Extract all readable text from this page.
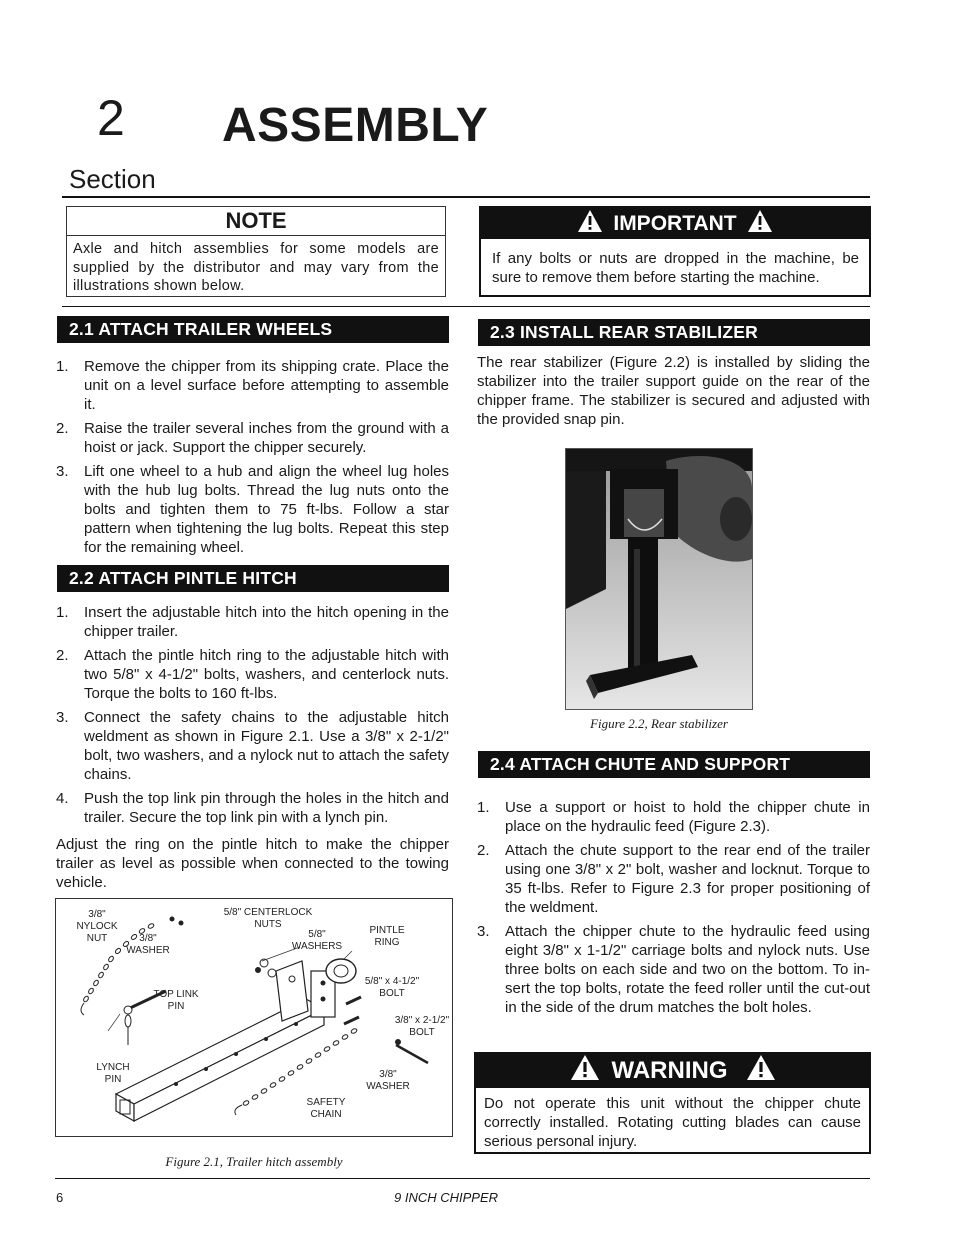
2 ASSEMBLY
Section
NOTE
Axle and hitch assemblies for some models are supplied by the distributor and may vary from the illustrations shown below.
IMPORTANT
If any bolts or nuts are dropped in the machine, be sure to remove them before starting the machine.
2.1 ATTACH TRAILER WHEELS
1. Remove the chipper from its shipping crate. Place the unit on a level surface before attempting to assemble it.
2. Raise the trailer several inches from the ground with a hoist or jack. Support the chipper securely.
3. Lift one wheel to a hub and align the wheel lug holes with the hub lug bolts. Thread the lug nuts onto the bolts and tighten them to 75 ft-lbs. Follow a star pattern when tightening the lug bolts. Repeat this step for the remaining wheel.
2.2 ATTACH PINTLE HITCH
1. Insert the adjustable hitch into the hitch opening in the chipper trailer.
2. Attach the pintle hitch ring to the adjustable hitch with two 5/8" x 4-1/2" bolts, washers, and centerlock nuts. Torque the bolts to 160 ft-lbs.
3. Connect the safety chains to the adjustable hitch weldment as shown in Figure 2.1. Use a 3/8" x 2-1/2" bolt, two washers, and a nylock nut to attach the safety chains.
4. Push the top link pin through the holes in the hitch and trailer. Secure the top link pin with a lynch pin.
Adjust the ring on the pintle hitch to make the chipper trailer as level as possible when connected to the towing vehicle.
3/8"
NYLOCK
NUT	3/8"
WASHER
5/8" CENTERLOCK
NUTS
5/8"
WASHERS
PINTLE
RING
5/8" x 4-1/2"
BOLT
TOP LINK
PIN
3/8" x 2-1/2"
BOLT
LYNCH
PIN	3/8"
WASHER
SAFETY
CHAIN
Figure 2.1, Trailer hitch assembly
2.3 INSTALL REAR STABILIZER
The rear stabilizer (Figure 2.2) is installed by sliding the stabilizer into the trailer support guide on the rear of the chipper frame. The stabilizer is secured and adjusted with the provided snap pin.
Figure 2.2, Rear stabilizer
2.4 ATTACH CHUTE AND SUPPORT
1. Use a support or hoist to hold the chipper chute in place on the hydraulic feed (Figure 2.3).
2. Attach the chute support to the rear end of the trailer using one 3/8" x 2" bolt, washer and locknut. Torque to 35 ft-lbs. Refer to Figure 2.3 for proper positioning of the weldment.
3. Attach the chipper chute to the hydraulic feed using eight 3/8" x 1-1/2" carriage bolts and nylock nuts. Use three bolts on each side and two on the bottom. To in-sert the top bolts, rotate the feed roller until the cut-out in the side of the drum matches the bolt holes.
WARNING
Do not operate this unit without the chipper chute correctly installed. Rotating cutting blades can cause serious personal injury.
6	9 INCH CHIPPER
